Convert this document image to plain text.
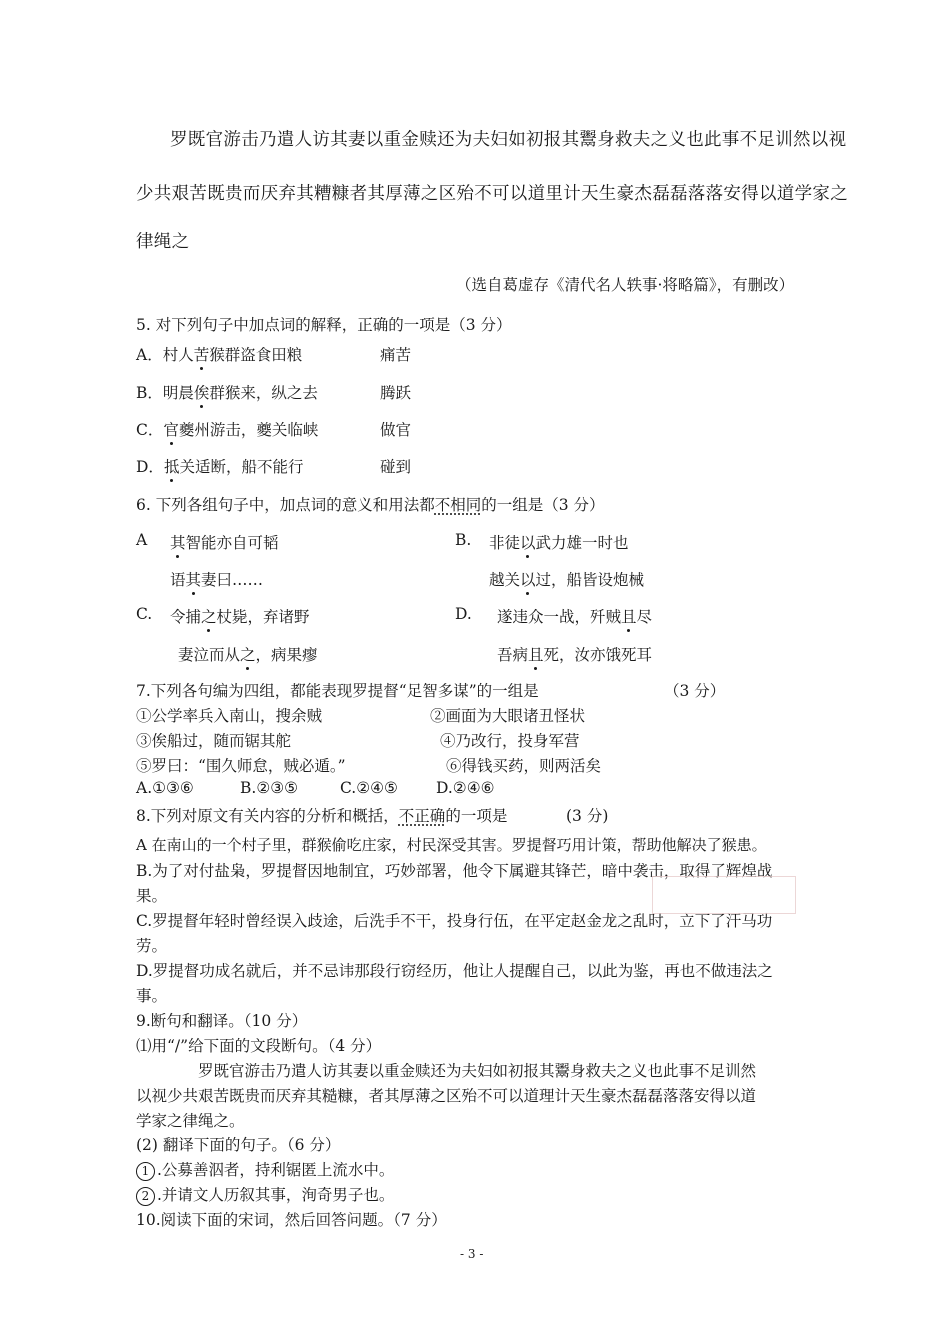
罗既官游击乃遣人访其妻以重金赎还为夫妇如初报其鬻身救夫之义也此事不足训然以视
少共艰苦既贵而厌弃其糟糠者其厚薄之区殆不可以道里计天生豪杰磊磊落落安得以道学家之
律绳之
（选自葛虚存《清代名人轶事·将略篇》，有删改）
5. 对下列句子中加点词的解释，正确的一项是（3 分）
A．村人苦猴群盗食田粮	痛苦
B．明晨俟群猴来，纵之去	腾跃
C．官夔州游击，夔关临峡	做官
D．抵关适断，船不能行	碰到
6. 下列各组句子中，加点词的意义和用法都不相同的一组是（3 分）
A 其智能亦自可韬
语其妻曰……
B. 非徒以武力雄一时也
越关以过，船皆设炮械
C. 令捕之杖毙，弃诸野
妻泣而从之，病果瘳
D. 遂违众一战，歼贼且尽
吾病且死，汝亦饿死耳
7.下列各句编为四组，都能表现罗提督“足智多谋”的一组是	（3 分）
①公学率兵入南山，搜余贼	②画面为大眼诸丑怪状
③俟船过，随而锯其舵	④乃改行，投身军营
⑤罗曰：“围久师怠，贼必遁。”	⑥得钱买药，则两活矣
A.①③⑥	B.②③⑤	C.②④⑤ D.②④⑥
8.下列对原文有关内容的分析和概括，不正确的一项是	(3 分)
A 在南山的一个村子里，群猴偷吃庄家，村民深受其害。罗提督巧用计策，帮助他解决了猴患。
B.为了对付盐枭，罗提督因地制宜，巧妙部署，他令下属避其锋芒，暗中袭击，取得了辉煌战
果。
C.罗提督年轻时曾经误入歧途，后洗手不干，投身行伍，在平定赵金龙之乱时，立下了汗马功
劳。
D.罗提督功成名就后，并不忌讳那段行窃经历，他让人提醒自己，以此为鉴，再也不做违法之
事。
9.断句和翻译。（10 分）
⑴用“/”给下面的文段断句。（4 分）
罗既官游击乃遣人访其妻以重金赎还为夫妇如初报其鬻身救夫之义也此事不足训然
以视少共艰苦既贵而厌弃其糙糠，者其厚薄之区殆不可以道理计天生豪杰磊磊落落安得以道
学家之律绳之。
(2) 翻译下面的句子。（6 分）
1 .公募善泅者，持利锯匿上流水中。
2 .并请文人历叙其事，洵奇男子也。
10.阅读下面的宋词，然后回答问题。（7 分）
- 3 -
